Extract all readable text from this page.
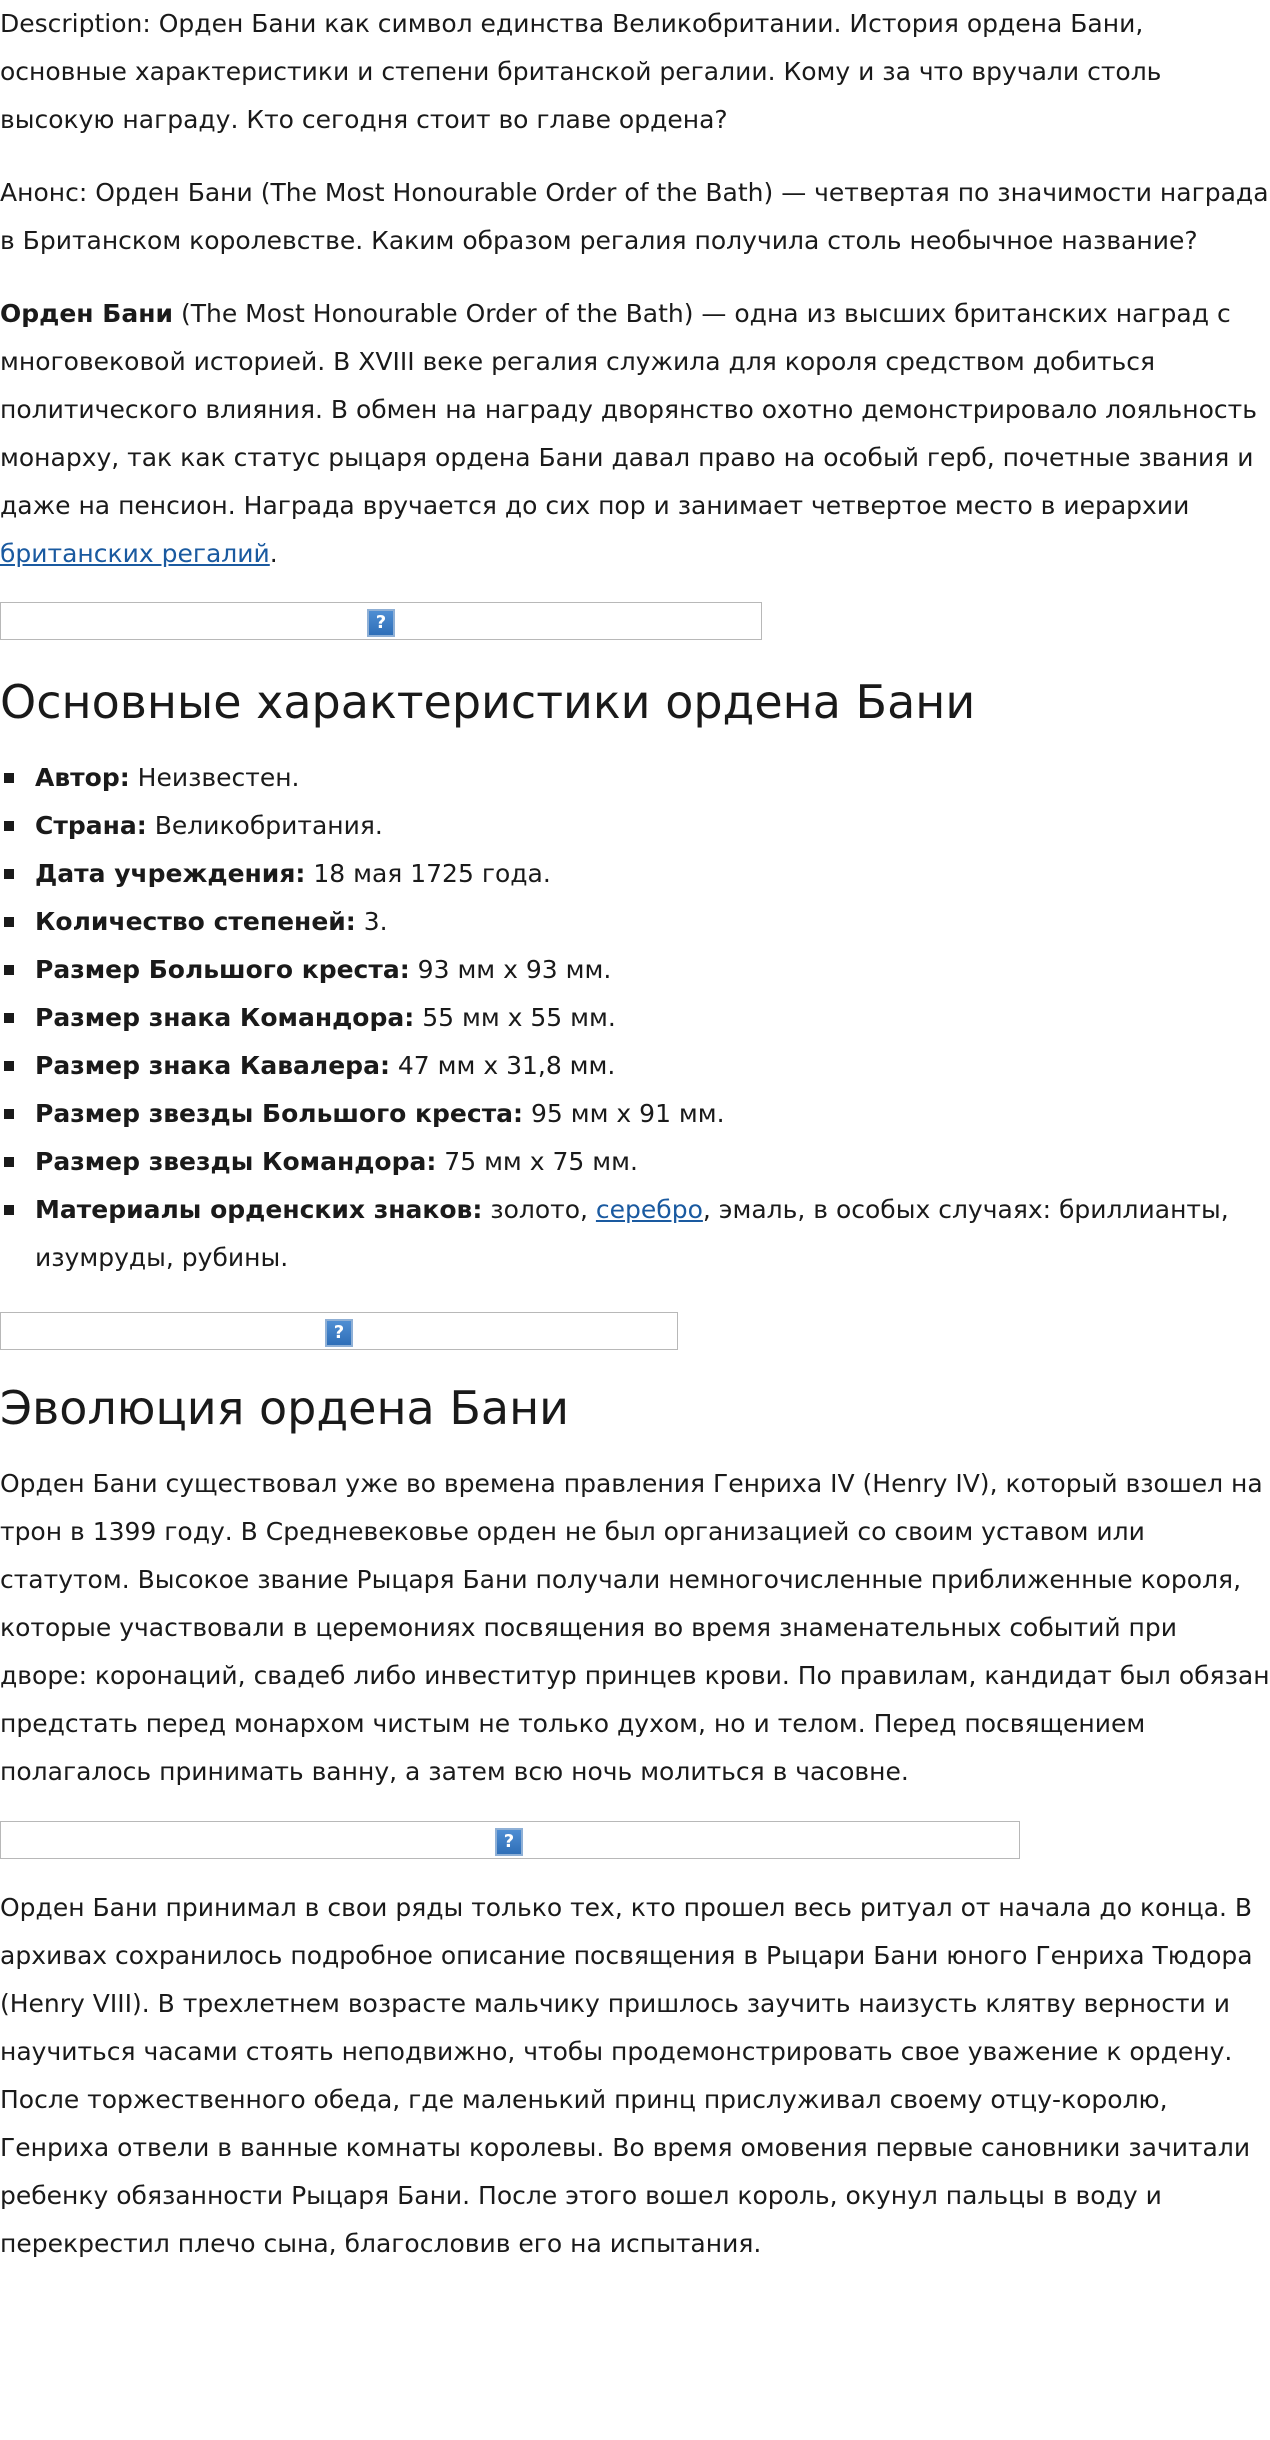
Description: Орден Бани как символ единства Великобритании. История ордена Бани, основные характеристики и степени британской регалии. Кому и за что вручали столь высокую награду. Кто сегодня стоит во главе ордена?

Анонс: Орден Бани (The Most Honourable Order of the Bath) — четвертая по значимости награда в Британском королевстве. Каким образом регалия получила столь необычное название?

Орден Бани (The Most Honourable Order of the Bath) — одна из высших британских наград с многовековой историей. В XVIII веке регалия служила для короля средством добиться политического влияния. В обмен на награду дворянство охотно демонстрировало лояльность монарху, так как статус рыцаря ордена Бани давал право на особый герб, почетные звания и даже на пенсион. Награда вручается до сих пор и занимает четвертое место в иерархии британских регалий.

?
Основные характеристики ордена Бани
Автор: Неизвестен.
Страна: Великобритания.
Дата учреждения: 18 мая 1725 года.
Количество степеней: 3.
Размер Большого креста: 93 мм х 93 мм.
Размер знака Командора: 55 мм х 55 мм.
Размер знака Кавалера: 47 мм х 31,8 мм.
Размер звезды Большого креста: 95 мм х 91 мм.
Размер звезды Командора: 75 мм х 75 мм.
Материалы орденских знаков: золото, серебро, эмаль, в особых случаях: бриллианты, изумруды, рубины.
?
Эволюция ордена Бани

Орден Бани существовал уже во времена правления Генриха IV (Henry IV), который взошел на трон в 1399 году. В Средневековье орден не был организацией со своим уставом или статутом. Высокое звание Рыцаря Бани получали немногочисленные приближенные короля, которые участвовали в церемониях посвящения во время знаменательных событий при дворе: коронаций, свадеб либо инвеститур принцев крови. По правилам, кандидат был обязан предстать перед монархом чистым не только духом, но и телом. Перед посвящением полагалось принимать ванну, а затем всю ночь молиться в часовне.

?

Орден Бани принимал в свои ряды только тех, кто прошел весь ритуал от начала до конца. В архивах сохранилось подробное описание посвящения в Рыцари Бани юного Генриха Тюдора (Henry VIII). В трехлетнем возрасте мальчику пришлось заучить наизусть клятву верности и научиться часами стоять неподвижно, чтобы продемонстрировать свое уважение к ордену. После торжественного обеда, где маленький принц прислуживал своему отцу-королю, Генриха отвели в ванные комнаты королевы. Во время омовения первые сановники зачитали ребенку обязанности Рыцаря Бани. После этого вошел король, окунул пальцы в воду и перекрестил плечо сына, благословив его на испытания.
